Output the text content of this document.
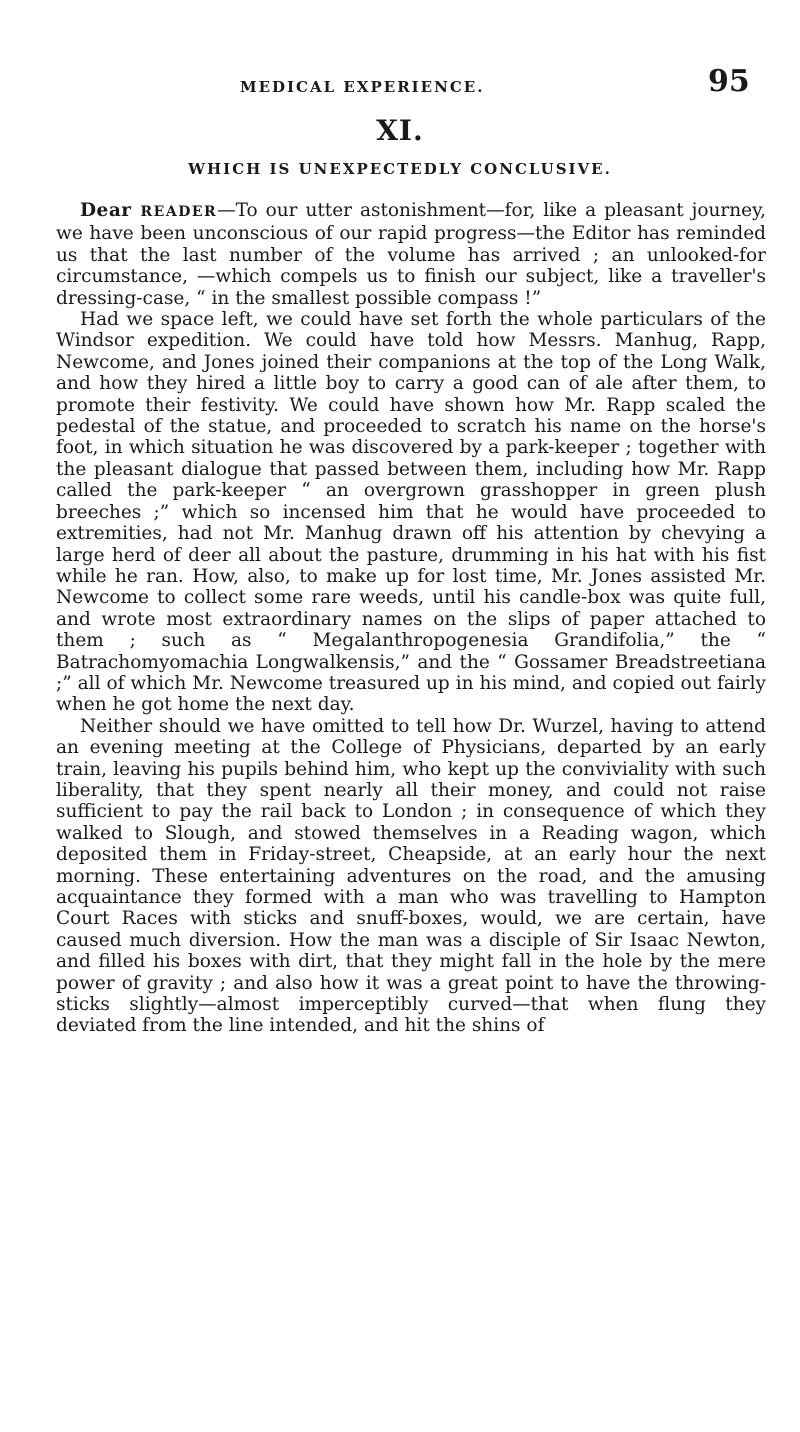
MEDICAL EXPERIENCE.	95
XI.
WHICH IS UNEXPECTEDLY CONCLUSIVE.

Dear READER—To our utter astonishment—for, like a pleasant journey, we have been unconscious of our rapid progress—the Editor has reminded us that the last number of the volume has arrived ; an unlooked-for circumstance, —which compels us to finish our subject, like a traveller's dressing-case, “ in the smallest possible compass !”

Had we space left, we could have set forth the whole particulars of the Windsor expedition. We could have told how Messrs. Manhug, Rapp, Newcome, and Jones joined their companions at the top of the Long Walk, and how they hired a little boy to carry a good can of ale after them, to promote their festivity. We could have shown how Mr. Rapp scaled the pedestal of the statue, and proceeded to scratch his name on the horse's foot, in which situation he was discovered by a park-keeper ; together with the pleasant dialogue that passed between them, including how Mr. Rapp called the park-keeper “ an overgrown grasshopper in green plush breeches ;” which so incensed him that he would have proceeded to extremities, had not Mr. Manhug drawn off his attention by chevying a large herd of deer all about the pasture, drumming in his hat with his fist while he ran. How, also, to make up for lost time, Mr. Jones assisted Mr. Newcome to collect some rare weeds, until his candle-box was quite full, and wrote most extraordinary names on the slips of paper attached to them ; such as “ Megalanthropogenesia Grandifolia,” the “ Batrachomyomachia Longwalkensis,” and the “ Gossamer Breadstreetiana ;” all of which Mr. Newcome treasured up in his mind, and copied out fairly when he got home the next day.

Neither should we have omitted to tell how Dr. Wurzel, having to attend an evening meeting at the College of Physicians, departed by an early train, leaving his pupils behind him, who kept up the conviviality with such liberality, that they spent nearly all their money, and could not raise sufficient to pay the rail back to London ; in consequence of which they walked to Slough, and stowed themselves in a Reading wagon, which deposited them in Friday-street, Cheapside, at an early hour the next morning. These entertaining adventures on the road, and the amusing acquaintance they formed with a man who was travelling to Hampton Court Races with sticks and snuff-boxes, would, we are certain, have caused much diversion. How the man was a disciple of Sir Isaac Newton, and filled his boxes with dirt, that they might fall in the hole by the mere power of gravity ; and also how it was a great point to have the throwing-sticks slightly—almost imperceptibly curved—that when flung they deviated from the line intended, and hit the shins of
